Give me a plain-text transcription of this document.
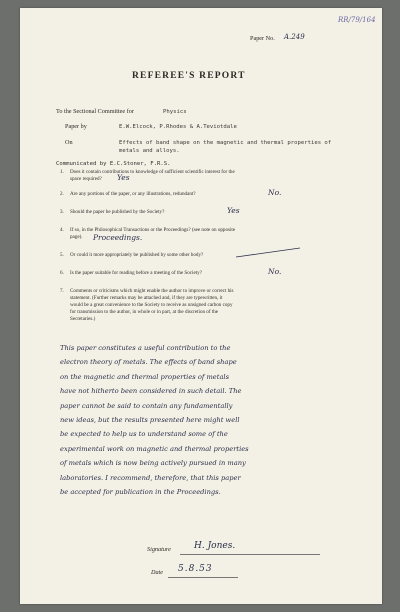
RR/79/164
Paper No. A.249
REFEREE'S REPORT
To the Sectional Committee for	Physics
Paper by	E.W.Elcock, P.Rhodes & A.Teviotdale
On	Effects of band shape on the magnetic and thermal properties of
metals and alloys.
Communicated by E.C.Stoner, F.R.S.
1. Does it contain contributions to knowledge of sufficient scientific interest for the
space required? Yes
2. Are any portions of the paper, or any illustrations, redundant?	No.
3. Should the paper be published by the Society?	Yes
4. If so, in the Philosophical Transactions or the Proceedings? (see note on opposite
page). Proceedings.
5. Or could it more appropriately be published by some other body?
6. Is the paper suitable for reading before a meeting of the Society?	No.
7. Comments or criticisms which might enable the author to improve or correct his
statement. (Further remarks may be attached and, if they are typewritten, it
would be a great convenience to the Society to receive as unsigned carbon copy
for transmission to the author, in whole or in part, at the discretion of the
Secretaries.)
This paper constitutes a useful contribution to the
electron theory of metals. The effects of band shape
on the magnetic and thermal properties of metals
have not hitherto been considered in such detail. The
paper cannot be said to contain any fundamentally
new ideas, but the results presented here might well
be expected to help us to understand some of the
experimental work on magnetic and thermal properties
of metals which is now being actively pursued in many
laboratories. I recommend, therefore, that this paper
be accepted for publication in the Proceedings.
Signature	H. Jones.
Date 5.8.53
